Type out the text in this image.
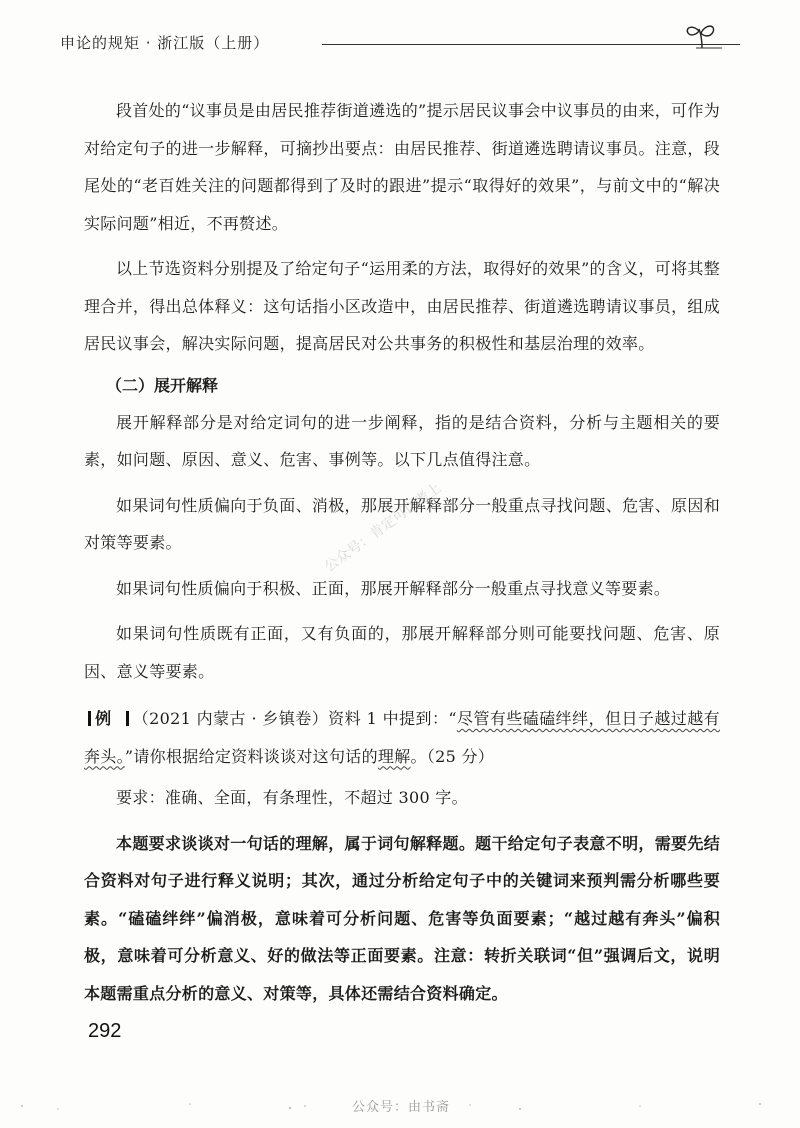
申论的规矩 · 浙江版（上册）

段首处的“议事员是由居民推荐街道遴选的”提示居民议事会中议事员的由来，可作为对给定句子的进一步解释，可摘抄出要点：由居民推荐、街道遴选聘请议事员。注意，段尾处的“老百姓关注的问题都得到了及时的跟进”提示“取得好的效果”，与前文中的“解决实际问题”相近，不再赘述。

以上节选资料分别提及了给定句子“运用柔的方法，取得好的效果”的含义，可将其整理合并，得出总体释义：这句话指小区改造中，由居民推荐、街道遴选聘请议事员，组成居民议事会，解决实际问题，提高居民对公共事务的积极性和基层治理的效率。

（二）展开解释

展开解释部分是对给定词句的进一步阐释，指的是结合资料，分析与主题相关的要素，如问题、原因、意义、危害、事例等。以下几点值得注意。

如果词句性质偏向于负面、消极，那展开解释部分一般重点寻找问题、危害、原因和对策等要素。

如果词句性质偏向于积极、正面，那展开解释部分一般重点寻找意义等要素。

如果词句性质既有正面，又有负面的，那展开解释部分则可能要找问题、危害、原因、意义等要素。

例 （2021 内蒙古 · 乡镇卷）资料 1 中提到：“尽管有些磕磕绊绊，但日子越过越有奔头。”请你根据给定资料谈谈对这句话的理解。（25 分）

要求：准确、全面，有条理性，不超过 300 字。

本题要求谈谈对一句话的理解，属于词句解释题。题干给定句子表意不明，需要先结合资料对句子进行释义说明；其次，通过分析给定句子中的关键词来预判需分析哪些要素。“磕磕绊绊”偏消极，意味着可分析问题、危害等负面要素；“越过越有奔头”偏积极，意味着可分析意义、好的做法等正面要素。注意：转折关联词“但”强调后文，说明本题需重点分析的意义、对策等，具体还需结合资料确定。

公众号：肯定可以考上
292
公众号：由书斋
